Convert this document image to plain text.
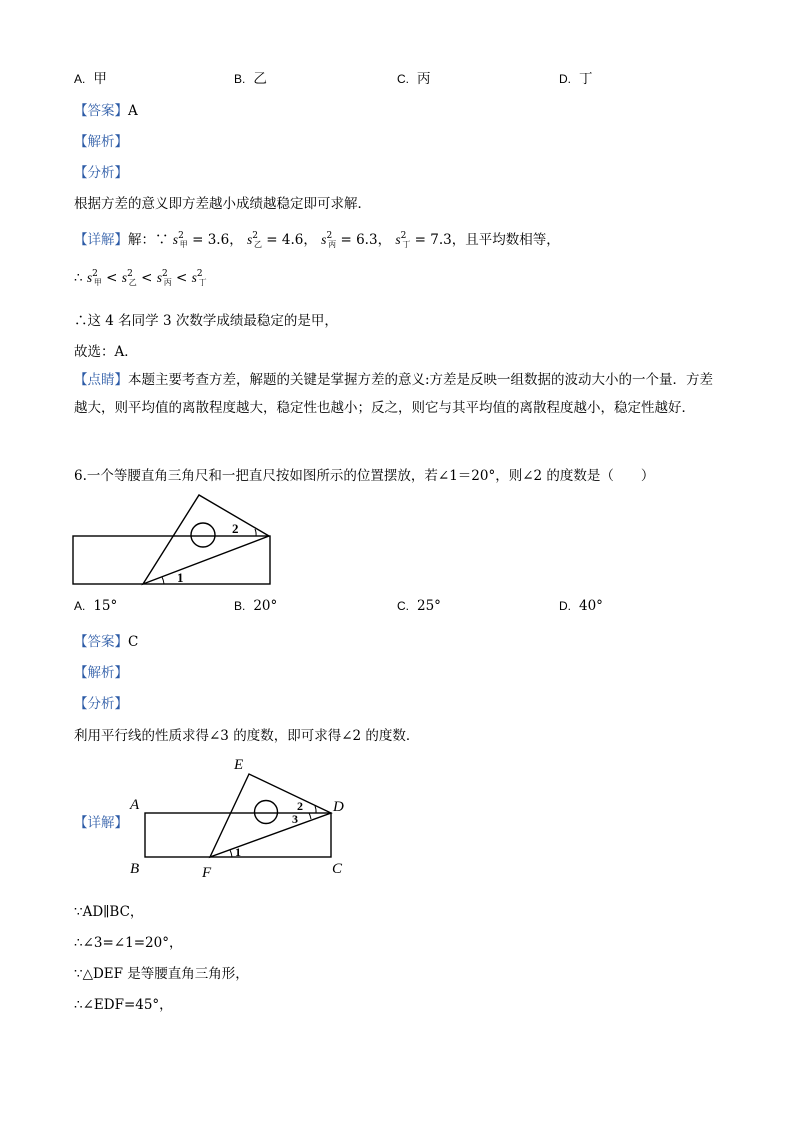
A. 甲	B. 乙	C. 丙	D. 丁
【答案】A
【解析】
【分析】
根据方差的意义即方差越小成绩越稳定即可求解．
【详解】解：∵ $s^2_甲 = 3.6$， $s^2_乙 = 4.6$， $s^2_丙 = 6.3$， $s^2_丁 = 7.3$，且平均数相等，
∴ $s^2_甲 < s^2_乙 < s^2_丙 < s^2_丁$
∴这 4 名同学 3 次数学成绩最稳定的是甲，
故选：A．
【点睛】本题主要考查方差，解题的关键是掌握方差的意义:方差是反映一组数据的波动大小的一个量．方差越大，则平均值的离散程度越大，稳定性也越小；反之，则它与其平均值的离散程度越小，稳定性越好．
6.一个等腰直角三角尺和一把直尺按如图所示的位置摆放，若∠1＝20°，则∠2 的度数是（　　）
1
2
A. 15°	B. 20°	C. 25°	D. 40°
【答案】C
【解析】
【分析】
利用平行线的性质求得∠3 的度数，即可求得∠2 的度数．
【详解】
E
A	D
B	F	C
1
2
3
∵AD∥BC，
∴∠3=∠1=20°，
∵△DEF 是等腰直角三角形，
∴∠EDF=45°，
